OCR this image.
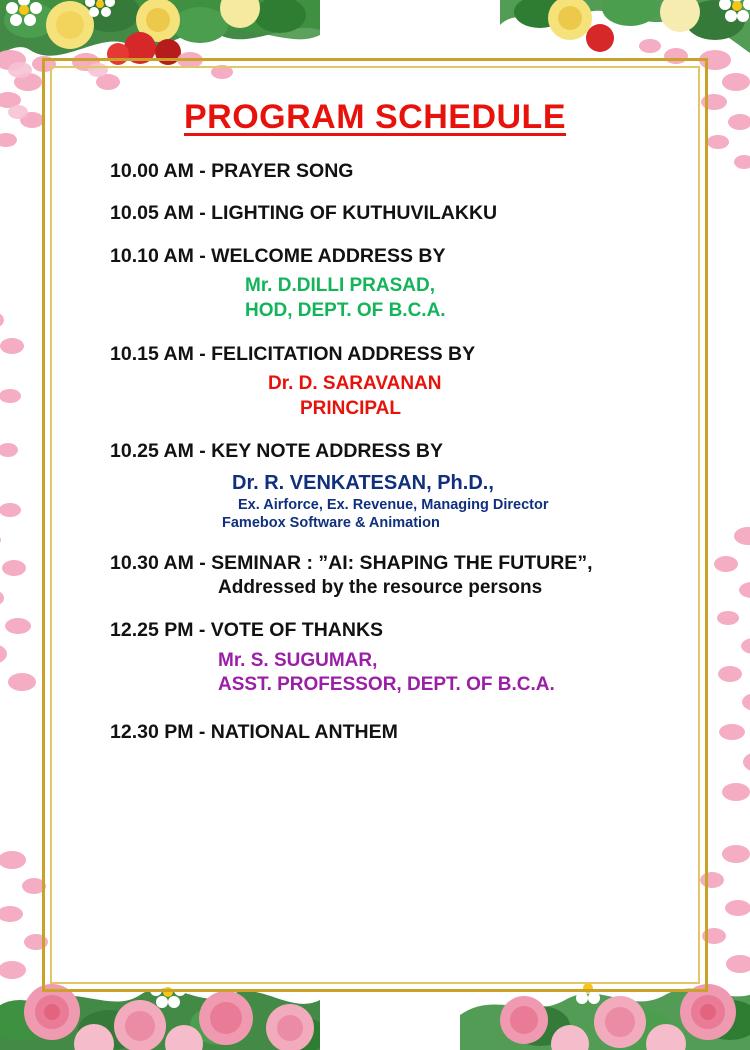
PROGRAM SCHEDULE
10.00 AM - PRAYER SONG
10.05 AM - LIGHTING OF KUTHUVILAKKU
10.10 AM - WELCOME ADDRESS BY
Mr. D.DILLI PRASAD,
HOD, DEPT. OF B.C.A.
10.15 AM - FELICITATION ADDRESS BY
Dr. D. SARAVANAN
PRINCIPAL
10.25 AM - KEY NOTE ADDRESS BY
Dr. R. VENKATESAN, Ph.D.,
Ex. Airforce, Ex. Revenue, Managing Director
Famebox Software & Animation
10.30 AM - SEMINAR : ”AI: SHAPING THE FUTURE”,
Addressed by the resource persons
12.25 PM - VOTE OF THANKS
Mr. S. SUGUMAR,
ASST. PROFESSOR, DEPT. OF B.C.A.
12.30 PM - NATIONAL ANTHEM
